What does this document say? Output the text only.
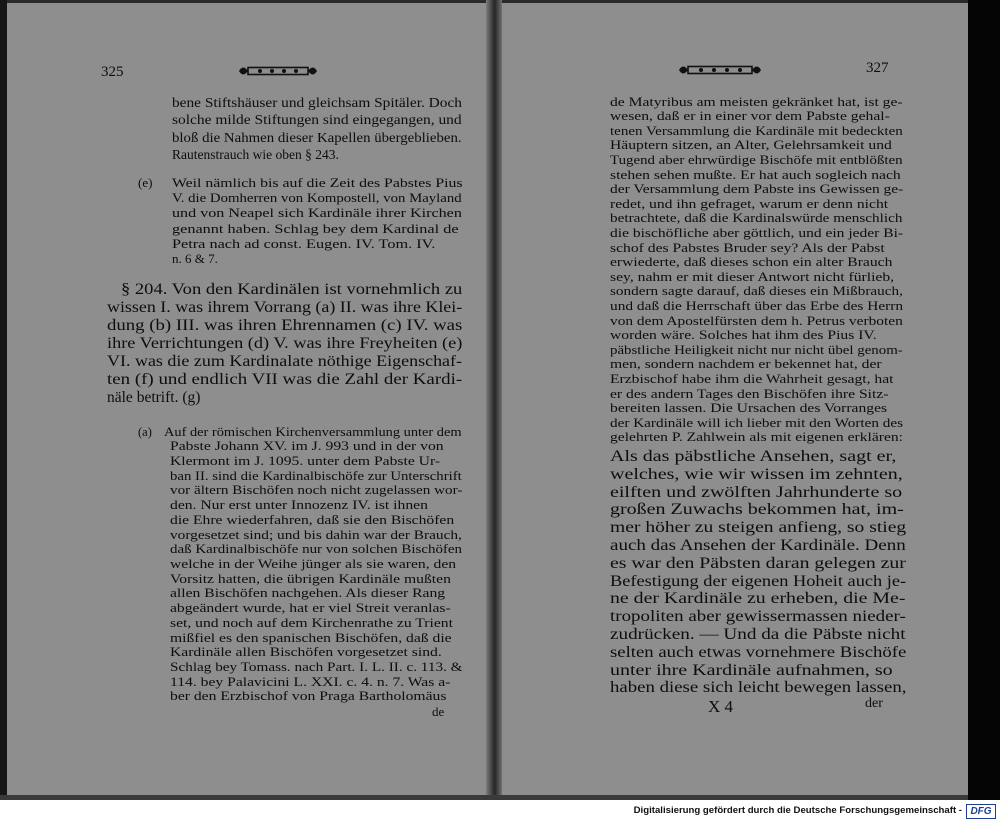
325
bene Stiftshäuser und gleichsam Spitäler. Doch
solche milde Stiftungen sind eingegangen, und
bloß die Nahmen dieser Kapellen übergeblieben.
Rautenstrauch wie oben § 243.
(e) Weil nämlich bis auf die Zeit des Pabstes Pius
V. die Domherren von Kompostell, von Mayland
und von Neapel sich Kardinäle ihrer Kirchen
genannt haben. Schlag bey dem Kardinal de
Petra nach ad const. Eugen. IV. Tom. IV.
n. 6 & 7.
§ 204. Von den Kardinälen ist vornehmlich zu
wissen I. was ihrem Vorrang (a) II. was ihre Klei-
dung (b) III. was ihren Ehrennamen (c) IV. was
ihre Verrichtungen (d) V. was ihre Freyheiten (e)
VI. was die zum Kardinalate nöthige Eigenschaf-
ten (f) und endlich VII was die Zahl der Kardi-
näle betrift. (g)
(a) Auf der römischen Kirchenversammlung unter dem
Pabste Johann XV. im J. 993 und in der von
Klermont im J. 1095. unter dem Pabste Ur-
ban II. sind die Kardinalbischöfe zur Unterschrift
vor ältern Bischöfen noch nicht zugelassen wor-
den. Nur erst unter Innozenz IV. ist ihnen
die Ehre wiederfahren, daß sie den Bischöfen
vorgesetzet sind; und bis dahin war der Brauch,
daß Kardinalbischöfe nur von solchen Bischöfen
welche in der Weihe jünger als sie waren, den
Vorsitz hatten, die übrigen Kardinäle mußten
allen Bischöfen nachgehen. Als dieser Rang
abgeändert wurde, hat er viel Streit veranlas-
set, und noch auf dem Kirchenrathe zu Trient
mißfiel es den spanischen Bischöfen, daß die
Kardinäle allen Bischöfen vorgesetzet sind.
Schlag bey Tomass. nach Part. I. L. II. c. 113. &
114. bey Palavicini L. XXI. c. 4. n. 7. Was a-
ber den Erzbischof von Praga Bartholomäus
de
327
de Matyribus am meisten gekränket hat, ist ge-
wesen, daß er in einer vor dem Pabste gehal-
tenen Versammlung die Kardinäle mit bedeckten
Häuptern sitzen, an Alter, Gelehrsamkeit und
Tugend aber ehrwürdige Bischöfe mit entblößten
stehen sehen mußte. Er hat auch sogleich nach
der Versammlung dem Pabste ins Gewissen ge-
redet, und ihn gefraget, warum er denn nicht
betrachtete, daß die Kardinalswürde menschlich
die bischöfliche aber göttlich, und ein jeder Bi-
schof des Pabstes Bruder sey? Als der Pabst
erwiederte, daß dieses schon ein alter Brauch
sey, nahm er mit dieser Antwort nicht fürlieb,
sondern sagte darauf, daß dieses ein Mißbrauch,
und daß die Herrschaft über das Erbe des Herrn
von dem Apostelfürsten dem h. Petrus verboten
worden wäre. Solches hat ihm des Pius IV.
päbstliche Heiligkeit nicht nur nicht übel genom-
men, sondern nachdem er bekennet hat, der
Erzbischof habe ihm die Wahrheit gesagt, hat
er des andern Tages den Bischöfen ihre Sitz-
bereiten lassen. Die Ursachen des Vorranges
der Kardinäle will ich lieber mit den Worten des
gelehrten P. Zahlwein als mit eigenen erklären:
Als das päbstliche Ansehen, sagt er,
welches, wie wir wissen im zehnten,
eilften und zwölften Jahrhunderte so
großen Zuwachs bekommen hat, im-
mer höher zu steigen anfieng, so stieg
auch das Ansehen der Kardinäle. Denn
es war den Päbsten daran gelegen zur
Befestigung der eigenen Hoheit auch je-
ne der Kardinäle zu erheben, die Me-
tropoliten aber gewissermassen nieder-
zudrücken. — Und da die Päbste nicht
selten auch etwas vornehmere Bischöfe
unter ihre Kardinäle aufnahmen, so
haben diese sich leicht bewegen lassen,
X 4	der
Digitalisierung gefördert durch die Deutsche Forschungsgemeinschaft - DFG
